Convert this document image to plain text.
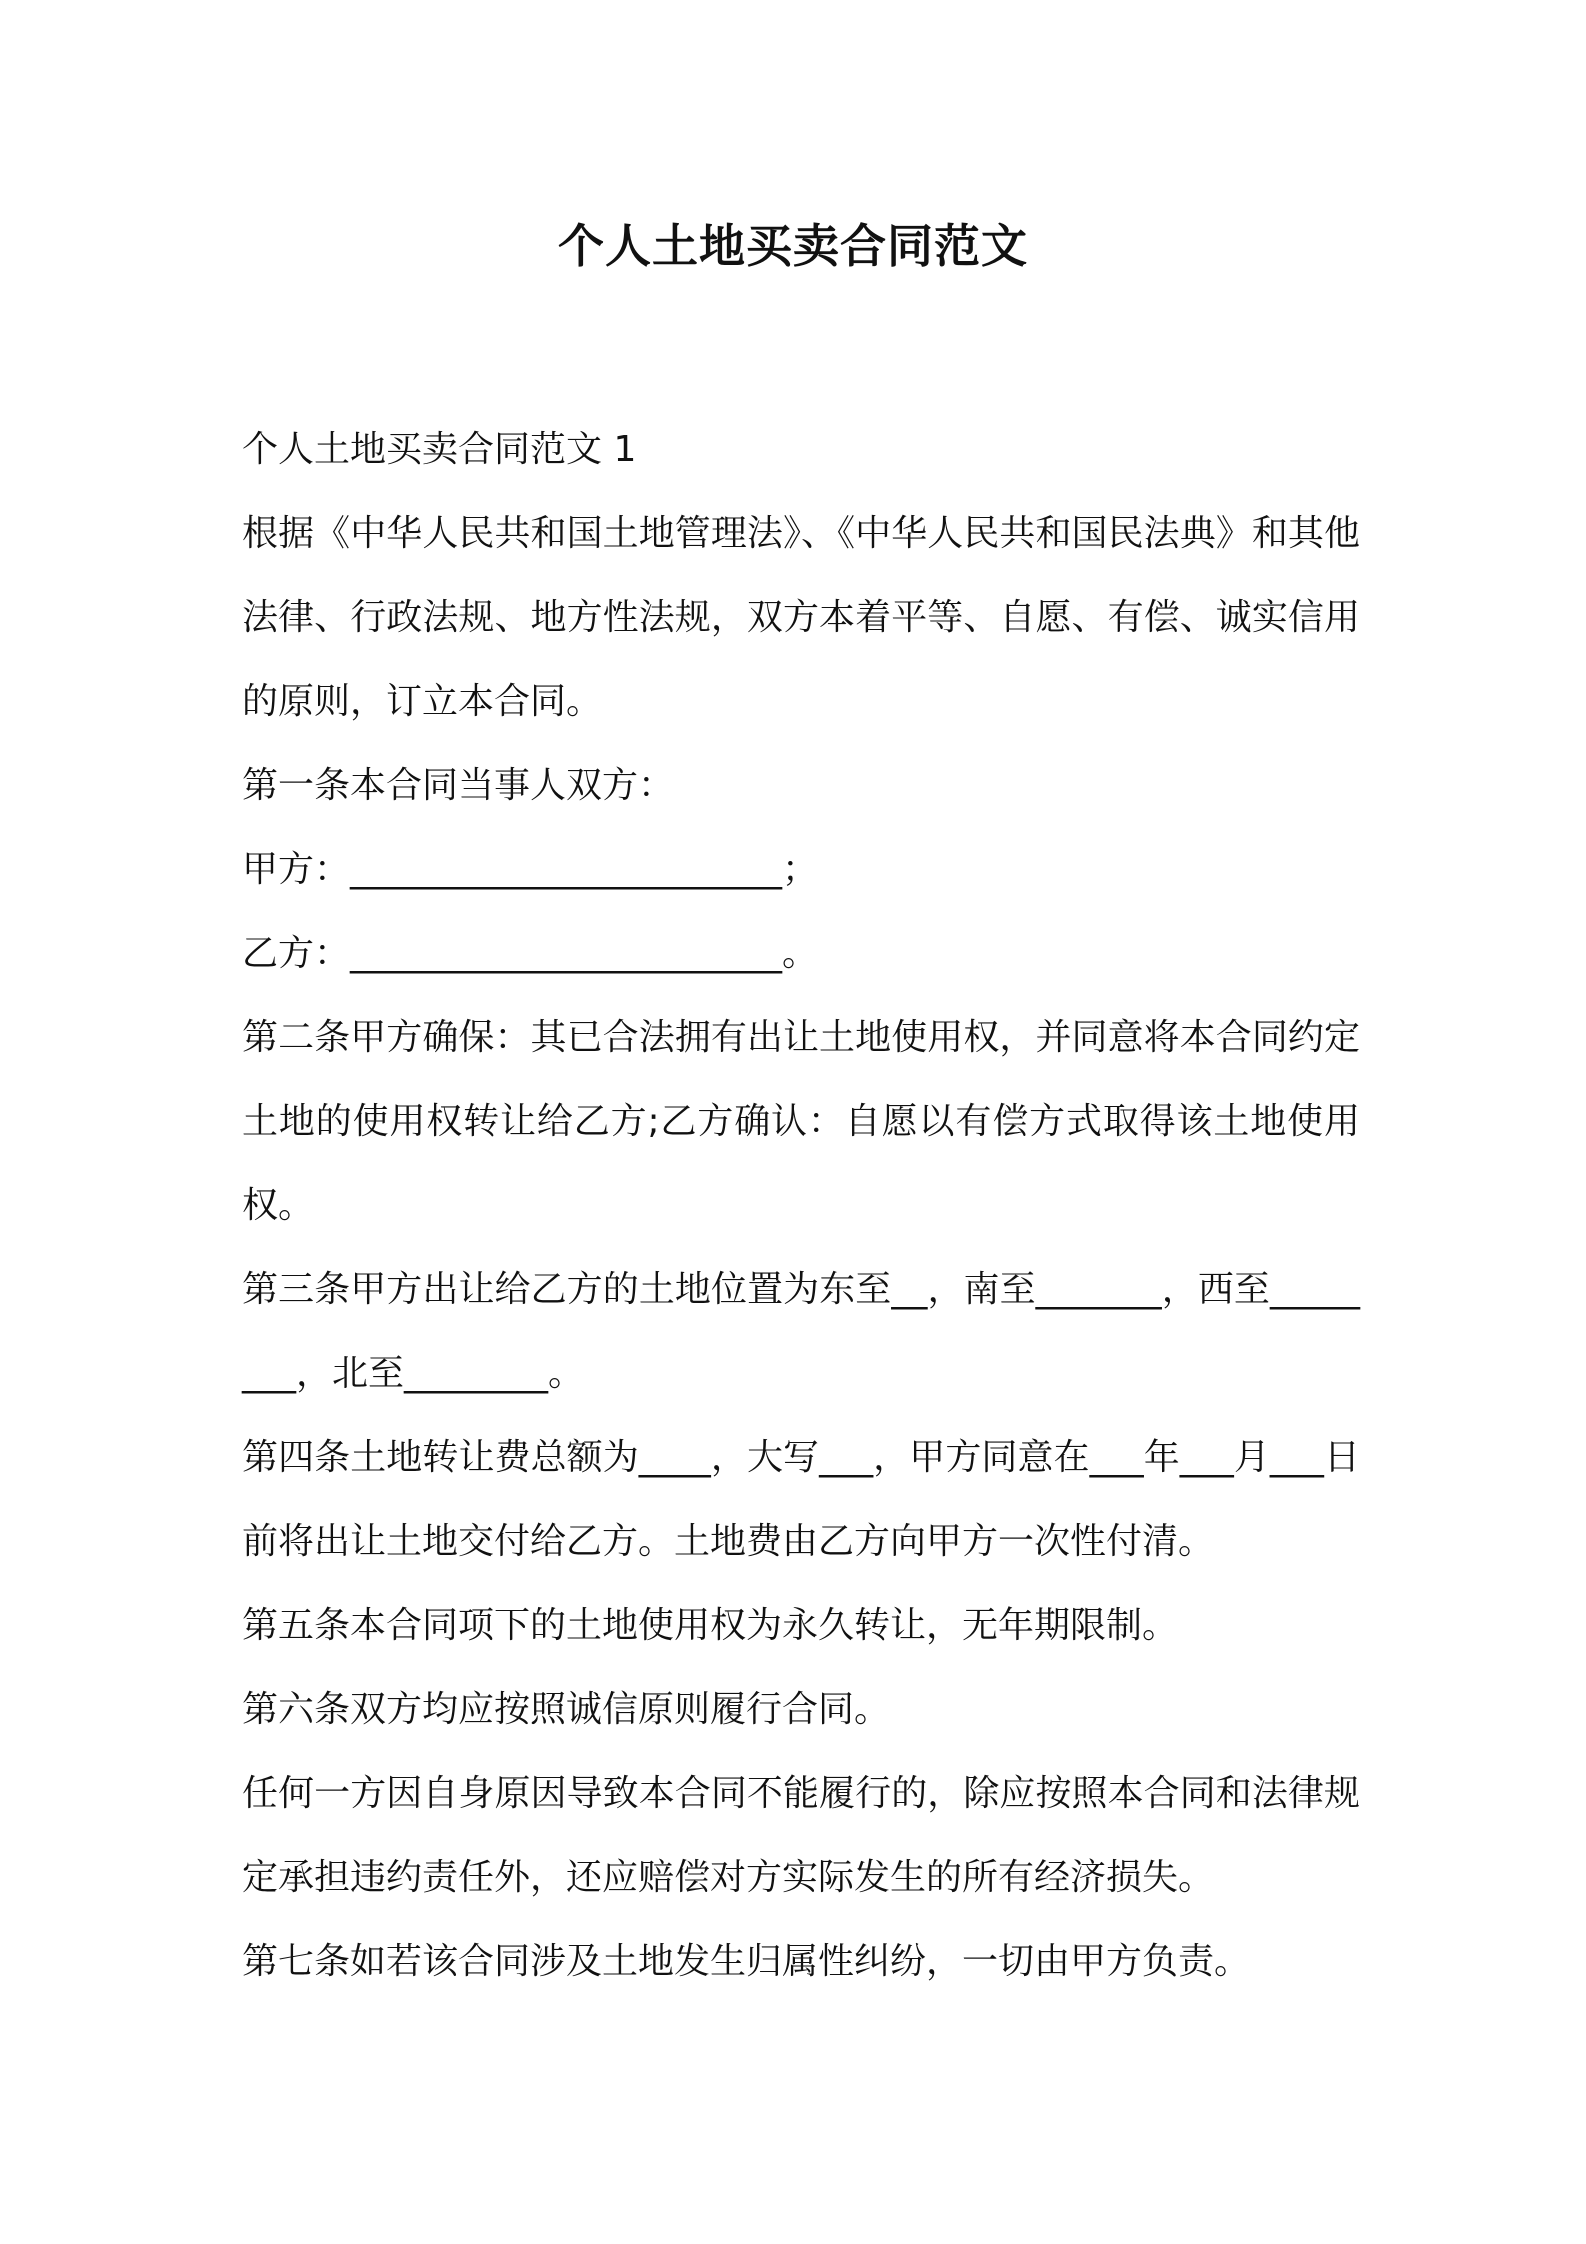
个人土地买卖合同范文

个人土地买卖合同范文 1

根据《中华人民共和国土地管理法》、《中华人民共和国民法典》和其他法律、行政法规、地方性法规，双方本着平等、自愿、有偿、诚实信用的原则，订立本合同。

第一条本合同当事人双方：

甲方：________________________；

乙方：________________________。

第二条甲方确保：其已合法拥有出让土地使用权，并同意将本合同约定土地的使用权转让给乙方;乙方确认：自愿以有偿方式取得该土地使用权。

第三条甲方出让给乙方的土地位置为东至__，南至_______，西至________，北至________。

第四条土地转让费总额为____，大写___，甲方同意在___年___月___日前将出让土地交付给乙方。土地费由乙方向甲方一次性付清。

第五条本合同项下的土地使用权为永久转让，无年期限制。

第六条双方均应按照诚信原则履行合同。

任何一方因自身原因导致本合同不能履行的，除应按照本合同和法律规定承担违约责任外，还应赔偿对方实际发生的所有经济损失。

第七条如若该合同涉及土地发生归属性纠纷，一切由甲方负责。
